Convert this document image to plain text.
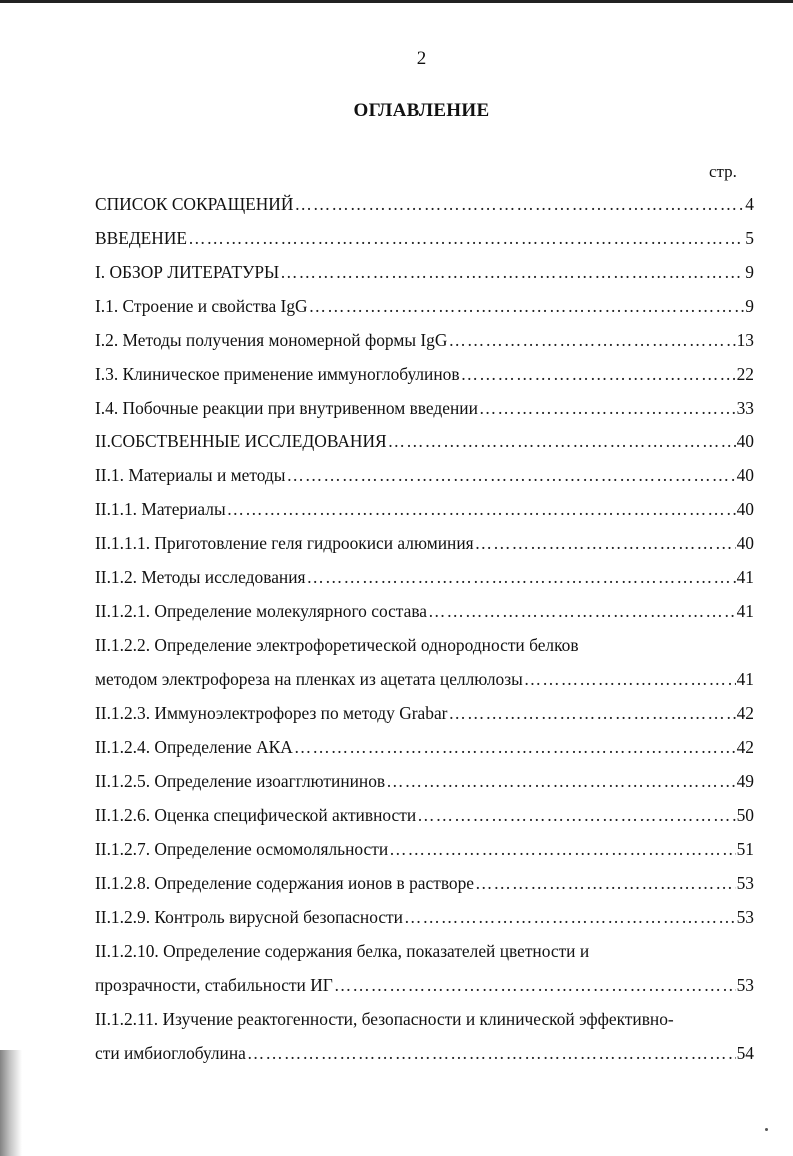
2
ОГЛАВЛЕНИЕ
стр.
СПИСОК СОКРАЩЕНИЙ ………………………………………………………………………………………………………………………………………………………………………………………………………………	4
ВВЕДЕНИЕ ………………………………………………………………………………………………………………………………………………………………………………………………………………	5
I. ОБЗОР ЛИТЕРАТУРЫ ………………………………………………………………………………………………………………………………………………………………………………………………………………	9
I.1. Строение и свойства IgG ………………………………………………………………………………………………………………………………………………………………………………………………………………	9
I.2. Методы получения мономерной формы IgG ………………………………………………………………………………………………………………………………………………………………………………………………………………	13
I.3. Клиническое применение иммуноглобулинов ………………………………………………………………………………………………………………………………………………………………………………………………………………	22
I.4. Побочные реакции при внутривенном введении ………………………………………………………………………………………………………………………………………………………………………………………………………………	33
II.СОБСТВЕННЫЕ ИССЛЕДОВАНИЯ ………………………………………………………………………………………………………………………………………………………………………………………………………………	40
II.1. Материалы и методы ………………………………………………………………………………………………………………………………………………………………………………………………………………	40
II.1.1. Материалы ………………………………………………………………………………………………………………………………………………………………………………………………………………	40
II.1.1.1. Приготовление геля гидроокиси алюминия ………………………………………………………………………………………………………………………………………………………………………………………………………………	40
II.1.2. Методы исследования ………………………………………………………………………………………………………………………………………………………………………………………………………………	41
II.1.2.1. Определение молекулярного состава ………………………………………………………………………………………………………………………………………………………………………………………………………………	41
II.1.2.2. Определение электрофоретической однородности белков
методом электрофореза на пленках из ацетата целлюлозы ………………………………………………………………………………………………………………………………………………………………………………………………………………	41
II.1.2.3. Иммуноэлектрофорез по методу Grabar ………………………………………………………………………………………………………………………………………………………………………………………………………………	42
II.1.2.4. Определение АКА ………………………………………………………………………………………………………………………………………………………………………………………………………………	42
II.1.2.5. Определение изоагглютининов ………………………………………………………………………………………………………………………………………………………………………………………………………………	49
II.1.2.6. Оценка специфической активности ………………………………………………………………………………………………………………………………………………………………………………………………………………	50
II.1.2.7. Определение осмомоляльности ………………………………………………………………………………………………………………………………………………………………………………………………………………	51
II.1.2.8. Определение содержания ионов в растворе ………………………………………………………………………………………………………………………………………………………………………………………………………………	53
II.1.2.9. Контроль вирусной безопасности ………………………………………………………………………………………………………………………………………………………………………………………………………………	53
II.1.2.10. Определение содержания белка, показателей цветности и
прозрачности, стабильности ИГ ………………………………………………………………………………………………………………………………………………………………………………………………………………	53
II.1.2.11. Изучение реактогенности, безопасности и клинической эффективно-
сти имбиоглобулина ………………………………………………………………………………………………………………………………………………………………………………………………………………	54
